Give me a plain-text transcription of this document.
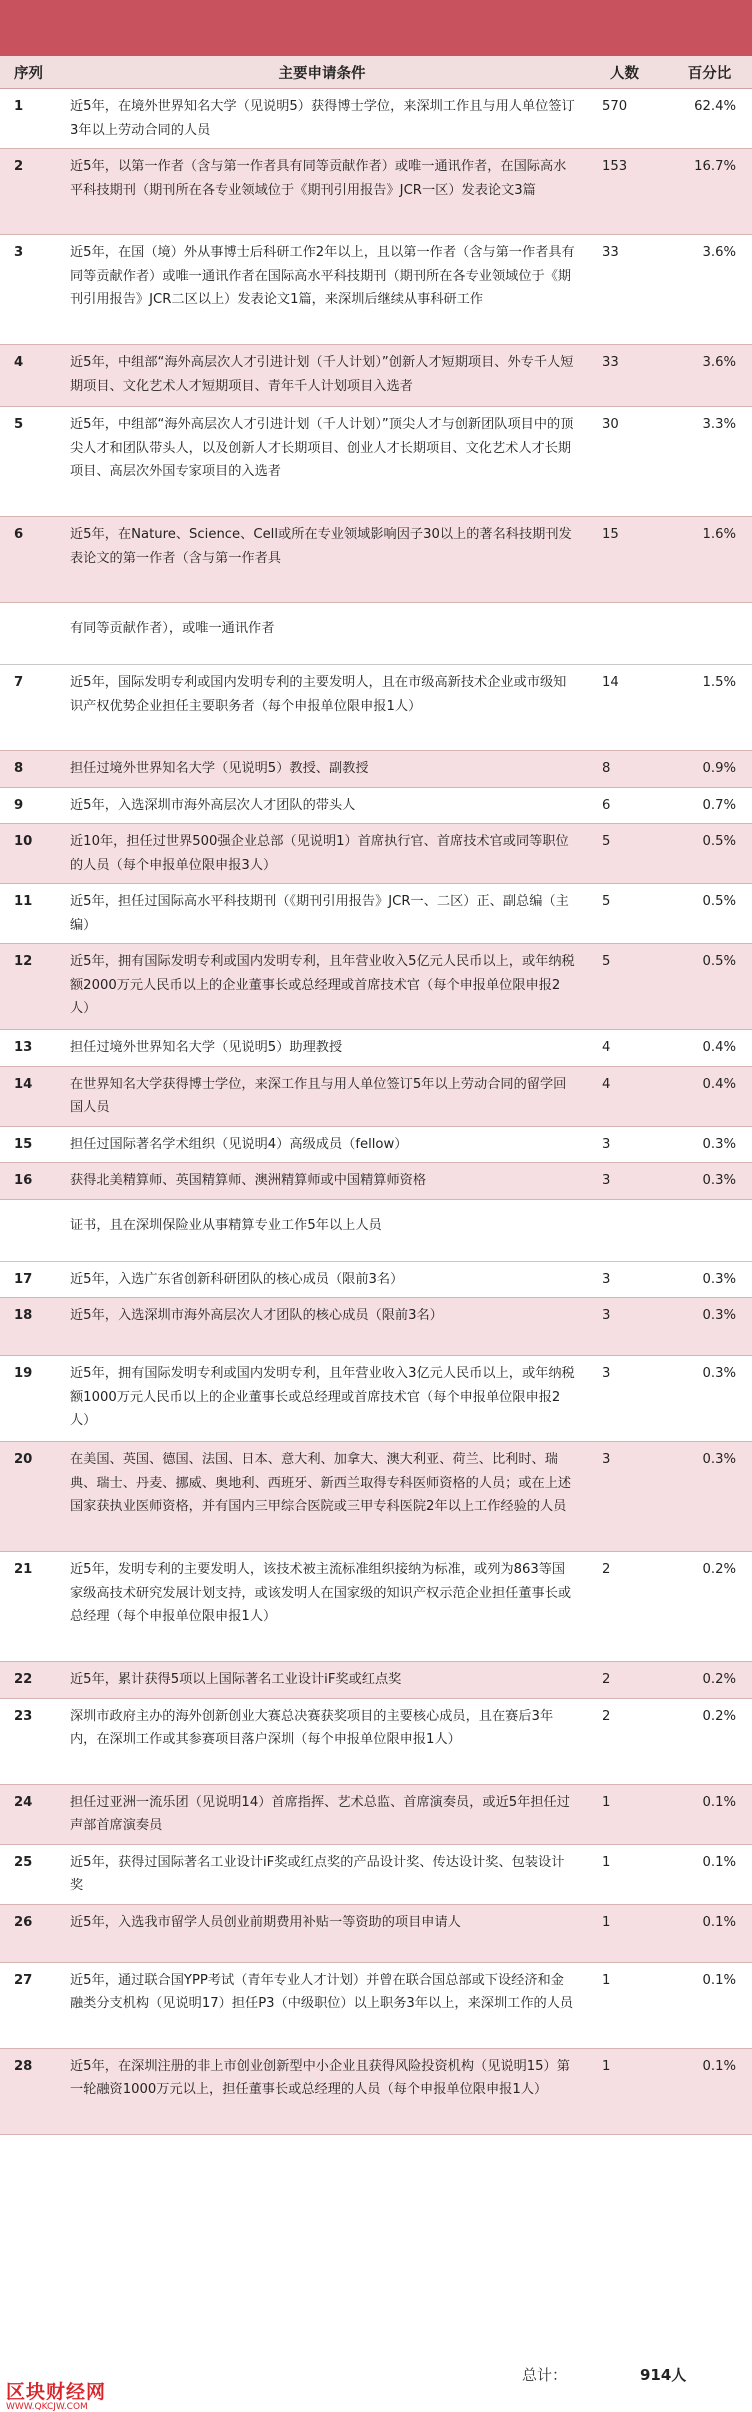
序列	主要申请条件	人数	百分比
1	近5年，在境外世界知名大学（见说明5）获得博士学位，来深圳工作且与用人单位签订3年以上劳动合同的人员	570	62.4%
2	近5年，以第一作者（含与第一作者具有同等贡献作者）或唯一通讯作者，在国际高水平科技期刊（期刊所在各专业领域位于《期刊引用报告》JCR一区）发表论文3篇	153	16.7%
3	近5年，在国（境）外从事博士后科研工作2年以上，且以第一作者（含与第一作者具有同等贡献作者）或唯一通讯作者在国际高水平科技期刊（期刊所在各专业领域位于《期刊引用报告》JCR二区以上）发表论文1篇，来深圳后继续从事科研工作	33	3.6%
4	近5年，中组部“海外高层次人才引进计划（千人计划）”创新人才短期项目、外专千人短期项目、文化艺术人才短期项目、青年千人计划项目入选者	33	3.6%
5	近5年，中组部“海外高层次人才引进计划（千人计划）”顶尖人才与创新团队项目中的顶尖人才和团队带头人，以及创新人才长期项目、创业人才长期项目、文化艺术人才长期项目、高层次外国专家项目的入选者	30	3.3%
6	近5年，在Nature、Science、Cell或所在专业领域影响因子30以上的著名科技期刊发表论文的第一作者（含与第一作者具	15	1.6%
	有同等贡献作者），或唯一通讯作者		
7	近5年，国际发明专利或国内发明专利的主要发明人，且在市级高新技术企业或市级知识产权优势企业担任主要职务者（每个申报单位限申报1人）	14	1.5%
8	担任过境外世界知名大学（见说明5）教授、副教授	8	0.9%
9	近5年，入选深圳市海外高层次人才团队的带头人	6	0.7%
10	近10年，担任过世界500强企业总部（见说明1）首席执行官、首席技术官或同等职位的人员（每个申报单位限申报3人）	5	0.5%
11	近5年，担任过国际高水平科技期刊（《期刊引用报告》JCR一、二区）正、副总编（主编）	5	0.5%
12	近5年，拥有国际发明专利或国内发明专利，且年营业收入5亿元人民币以上，或年纳税额2000万元人民币以上的企业董事长或总经理或首席技术官（每个申报单位限申报2人）	5	0.5%
13	担任过境外世界知名大学（见说明5）助理教授	4	0.4%
14	在世界知名大学获得博士学位，来深工作且与用人单位签订5年以上劳动合同的留学回国人员	4	0.4%
15	担任过国际著名学术组织（见说明4）高级成员（fellow）	3	0.3%
16	获得北美精算师、英国精算师、澳洲精算师或中国精算师资格	3	0.3%
	证书，且在深圳保险业从事精算专业工作5年以上人员		
17	近5年，入选广东省创新科研团队的核心成员（限前3名）	3	0.3%
18	近5年，入选深圳市海外高层次人才团队的核心成员（限前3名）	3	0.3%
19	近5年，拥有国际发明专利或国内发明专利，且年营业收入3亿元人民币以上，或年纳税额1000万元人民币以上的企业董事长或总经理或首席技术官（每个申报单位限申报2人）	3	0.3%
20	在美国、英国、德国、法国、日本、意大利、加拿大、澳大利亚、荷兰、比利时、瑞典、瑞士、丹麦、挪威、奥地利、西班牙、新西兰取得专科医师资格的人员；或在上述国家获执业医师资格，并有国内三甲综合医院或三甲专科医院2年以上工作经验的人员	3	0.3%
21	近5年，发明专利的主要发明人，该技术被主流标准组织接纳为标准，或列为863等国家级高技术研究发展计划支持，或该发明人在国家级的知识产权示范企业担任董事长或总经理（每个申报单位限申报1人）	2	0.2%
22	近5年，累计获得5项以上国际著名工业设计iF奖或红点奖	2	0.2%
23	深圳市政府主办的海外创新创业大赛总决赛获奖项目的主要核心成员，且在赛后3年内，在深圳工作或其参赛项目落户深圳（每个申报单位限申报1人）	2	0.2%
24	担任过亚洲一流乐团（见说明14）首席指挥、艺术总监、首席演奏员，或近5年担任过声部首席演奏员	1	0.1%
25	近5年，获得过国际著名工业设计iF奖或红点奖的产品设计奖、传达设计奖、包装设计奖	1	0.1%
26	近5年，入选我市留学人员创业前期费用补贴一等资助的项目申请人	1	0.1%
27	近5年，通过联合国YPP考试（青年专业人才计划）并曾在联合国总部或下设经济和金融类分支机构（见说明17）担任P3（中级职位）以上职务3年以上，来深圳工作的人员	1	0.1%
28	近5年，在深圳注册的非上市创业创新型中小企业且获得风险投资机构（见说明15）第一轮融资1000万元以上，担任董事长或总经理的人员（每个申报单位限申报1人）	1	0.1%
总计：	914人
区块财经网
WWW.QKCJW.COM
